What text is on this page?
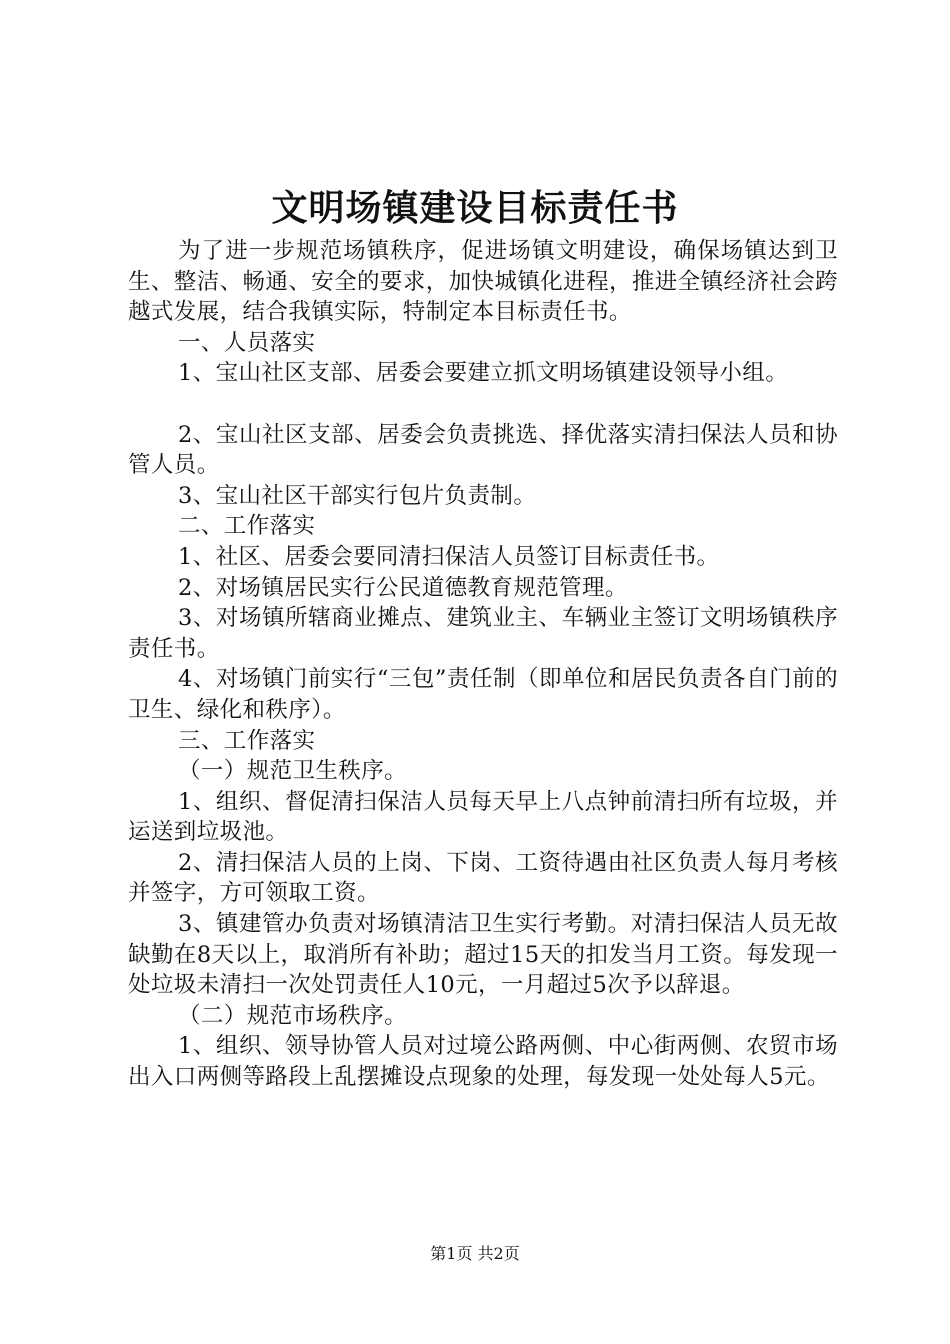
文明场镇建设目标责任书

为了进一步规范场镇秩序，促进场镇文明建设，确保场镇达到卫生、整洁、畅通、安全的要求，加快城镇化进程，推进全镇经济社会跨越式发展，结合我镇实际，特制定本目标责任书。

一、人员落实

1、宝山社区支部、居委会要建立抓文明场镇建设领导小组。

2、宝山社区支部、居委会负责挑选、择优落实清扫保法人员和协管人员。

3、宝山社区干部实行包片负责制。

二、工作落实

1、社区、居委会要同清扫保洁人员签订目标责任书。

2、对场镇居民实行公民道德教育规范管理。

3、对场镇所辖商业摊点、建筑业主、车辆业主签订文明场镇秩序责任书。

4、对场镇门前实行“三包”责任制（即单位和居民负责各自门前的卫生、绿化和秩序）。

三、工作落实

（一）规范卫生秩序。

1、组织、督促清扫保洁人员每天早上八点钟前清扫所有垃圾，并运送到垃圾池。

2、清扫保洁人员的上岗、下岗、工资待遇由社区负责人每月考核并签字，方可领取工资。

3、镇建管办负责对场镇清洁卫生实行考勤。对清扫保洁人员无故缺勤在8天以上，取消所有补助；超过15天的扣发当月工资。每发现一处垃圾未清扫一次处罚责任人10元，一月超过5次予以辞退。

（二）规范市场秩序。

1、组织、领导协管人员对过境公路两侧、中心街两侧、农贸市场出入口两侧等路段上乱摆摊设点现象的处理，每发现一处处每人5元。

第1页 共2页
